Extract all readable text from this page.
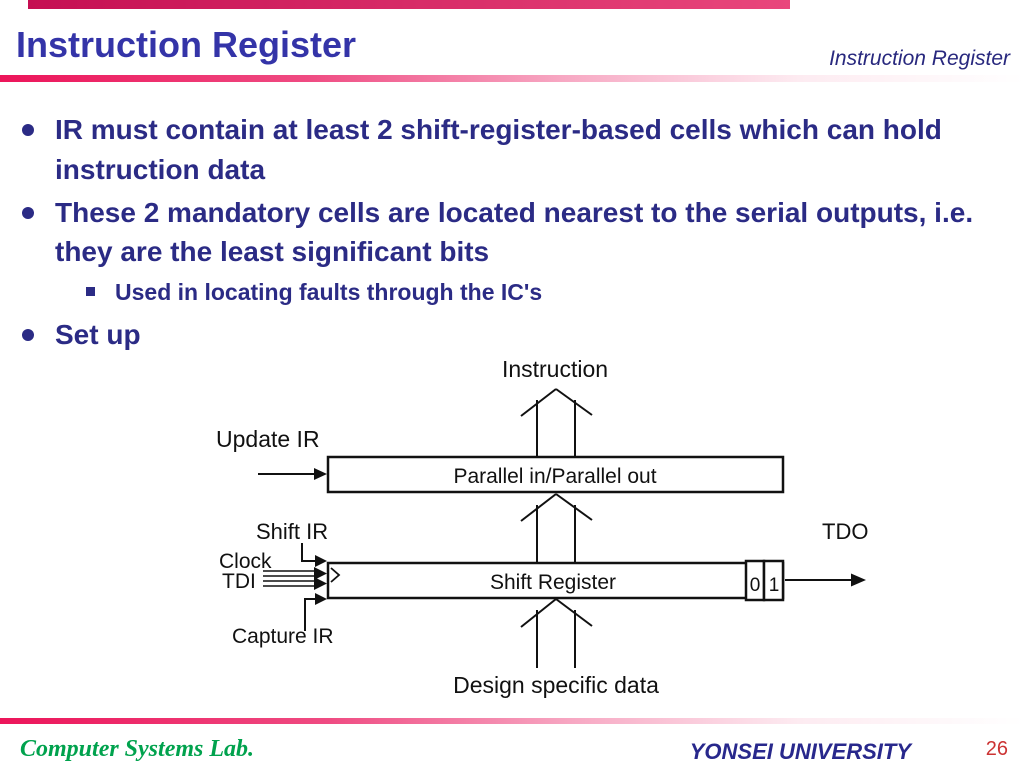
Instruction Register	Instruction Register
IR must contain at least 2 shift-register-based cells which can hold instruction data
These 2 mandatory cells are located nearest to the serial outputs, i.e. they are the least significant bits
Used in locating faults through the IC's
Set up
Parallel in/Parallel out
Shift Register	0 1
Instruction
Update IR
Shift IR	TDO
Clock
TDI
Capture IR
Design specific data
Computer Systems Lab.	YONSEI UNIVERSITY	26
